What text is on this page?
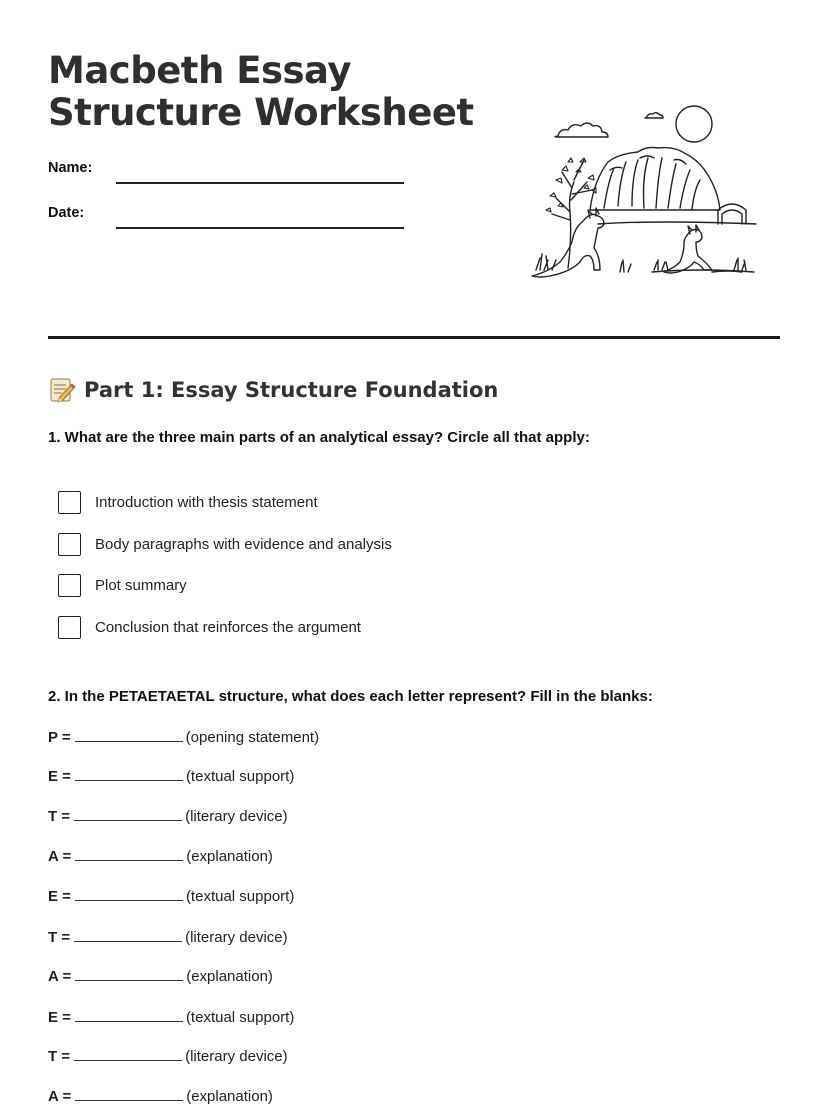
Macbeth Essay Structure Worksheet
Name:
Date:
Part 1: Essay Structure Foundation
1. What are the three main parts of an analytical essay? Circle all that apply:
Introduction with thesis statement
Body paragraphs with evidence and analysis
Plot summary
Conclusion that reinforces the argument
2. In the PETAETAETAL structure, what does each letter represent? Fill in the blanks:
P =	(opening statement)
E =	(textual support)
T =	(literary device)
A =	(explanation)
E =	(textual support)
T =	(literary device)
A =	(explanation)
E =	(textual support)
T =	(literary device)
A =	(explanation)
